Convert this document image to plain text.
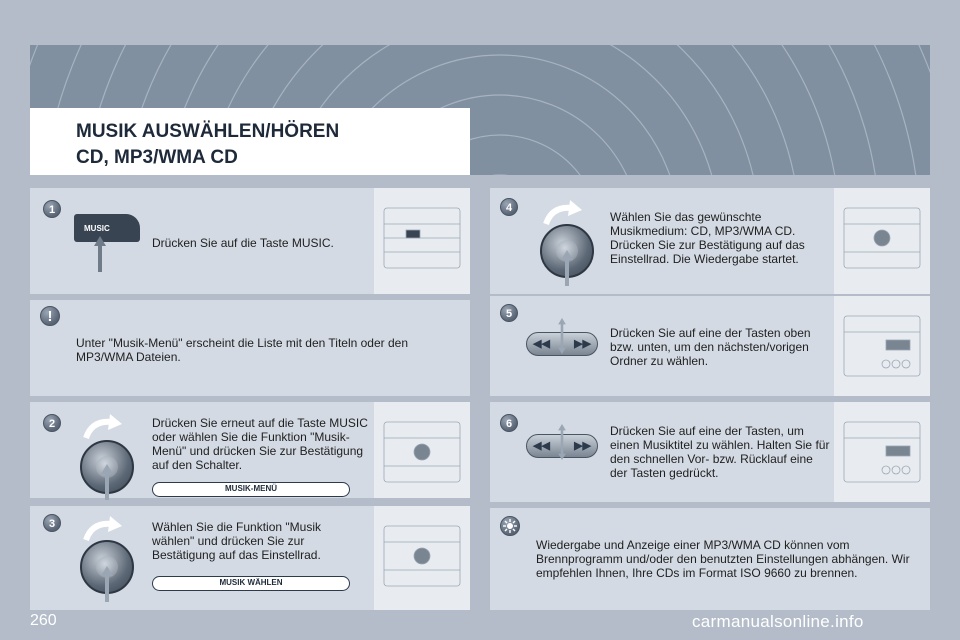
MUSIK AUSWÄHLEN/HÖREN
CD, MP3/WMA CD
1
MUSIC
Drücken Sie auf die Taste MUSIC.
!
Unter "Musik-Menü" erscheint die Liste mit den Titeln oder den MP3/WMA Dateien.
2	Drücken Sie erneut auf die Taste MUSIC oder wählen Sie die Funktion "Musik-Menü" und drücken Sie zur Bestätigung auf den Schalter.
MUSIK-MENÜ
3	Wählen Sie die Funktion "Musik wählen" und drücken Sie zur Bestätigung auf das Einstellrad.
MUSIK WÄHLEN
4
Wählen Sie das gewünschte Musikmedium: CD, MP3/WMA CD. Drücken Sie zur Bestätigung auf das Einstellrad. Die Wiedergabe startet.
5
◀◀ ▶▶
Drücken Sie auf eine der Tasten oben bzw. unten, um den nächsten/vorigen Ordner zu wählen.
6
◀◀ ▶▶
Drücken Sie auf eine der Tasten, um einen Musiktitel zu wählen. Halten Sie für den schnellen Vor- bzw. Rücklauf eine der Tasten gedrückt.
Wiedergabe und Anzeige einer MP3/WMA CD können vom Brennprogramm und/oder den benutzten Einstellungen abhängen. Wir empfehlen Ihnen, Ihre CDs im Format ISO 9660 zu brennen.
260	carmanualsonline.info
